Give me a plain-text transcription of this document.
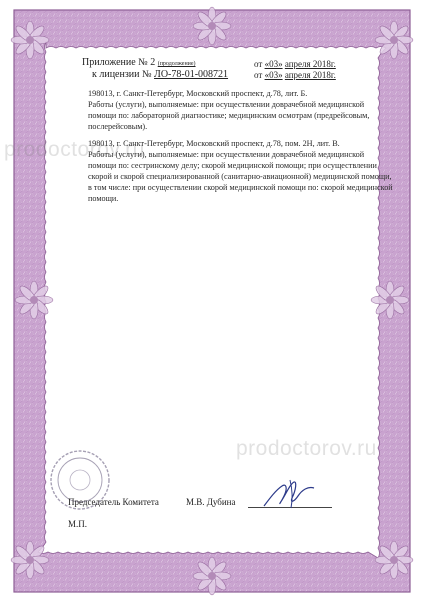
prodoctorov.ru
prodoctorov.ru
Приложение № 2 (продолжение)	от «03» апреля 2018г.
к лицензии № ЛО-78-01-008721	от «03» апреля 2018г.
198013, г. Санкт-Петербург, Московский проспект, д.78, лит. Б.
Работы (услуги), выполняемые: при осуществлении доврачебной медицинской
помощи по: лабораторной диагностике; медицинским осмотрам (предрейсовым,
послерейсовым).
198013, г. Санкт-Петербург, Московский проспект, д.78, пом. 2Н, лит. В.
Работы (услуги), выполняемые: при осуществлении доврачебной медицинской
помощи по: сестринскому делу; скорой медицинской помощи; при осуществлении
скорой и скорой специализированной (санитарно-авиационной) медицинской помощи,
в том числе: при осуществлении скорой медицинской помощи по: скорой медицинской
помощи.
Председатель Комитета	М.В. Дубина
М.П.
